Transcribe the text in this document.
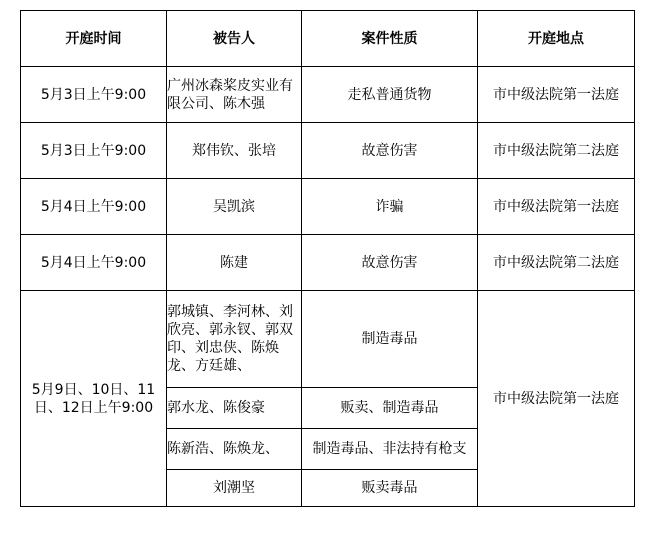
开庭时间	被告人	案件性质	开庭地点
5月3日上午9:00	广州冰森桨皮实业有限公司、陈木强	走私普通货物	市中级法院第一法庭
5月3日上午9:00	郑伟钦、张培	故意伤害	市中级法院第二法庭
5月4日上午9:00	吴凯滨	诈骗	市中级法院第一法庭
5月4日上午9:00	陈建	故意伤害	市中级法院第二法庭
5月9日、10日、11日、12日上午9:00	郭城镇、李河林、刘欣亮、郭永钗、郭双印、刘忠侠、陈焕龙、方廷雄、	制造毒品	市中级法院第一法庭
	郭水龙、陈俊豪	贩卖、制造毒品	
	陈新浩、陈焕龙、	制造毒品、非法持有枪支	
	刘潮坚	贩卖毒品	
